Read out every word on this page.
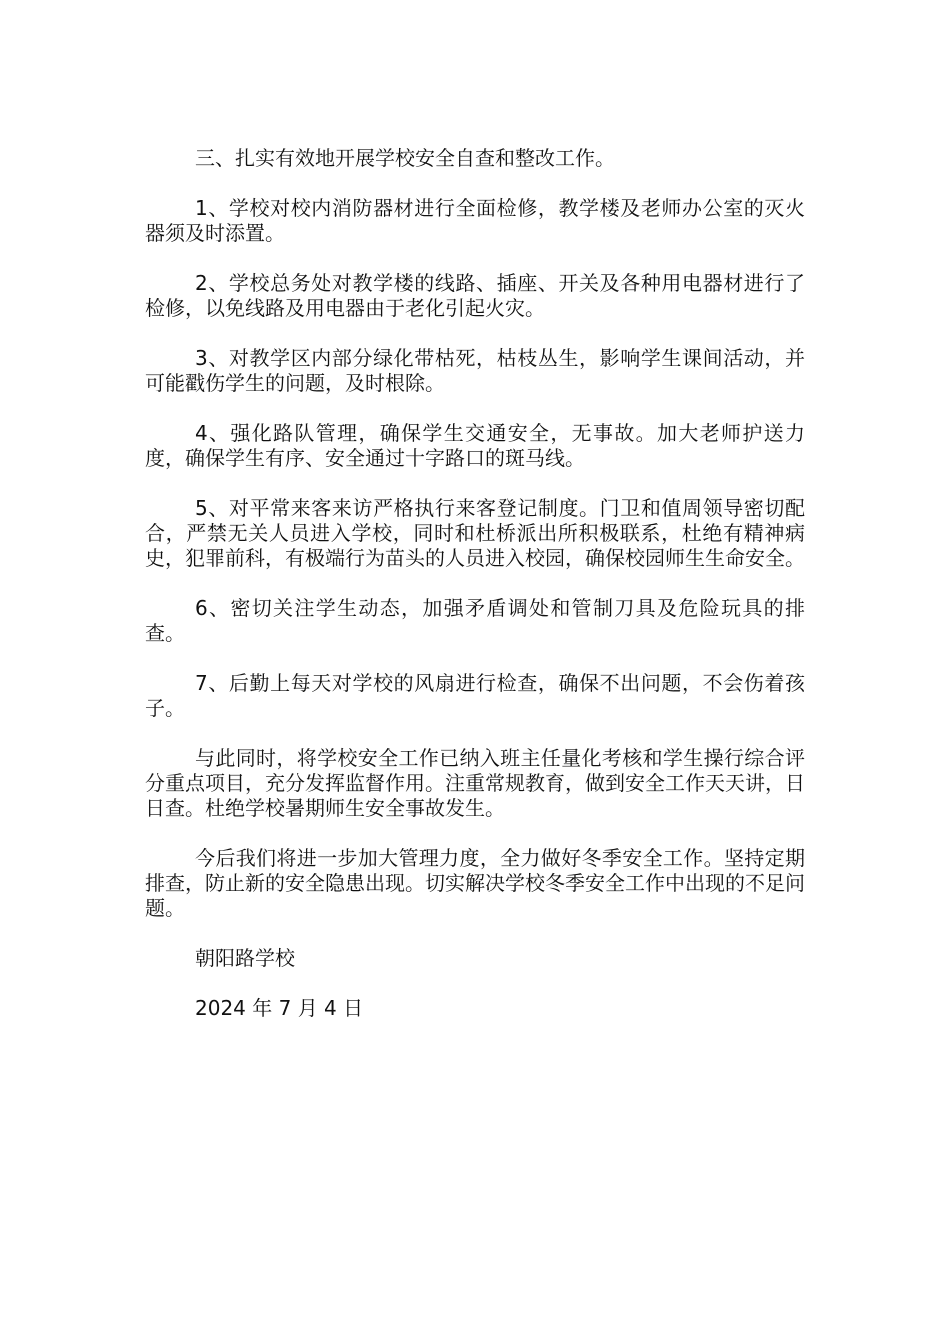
三、扎实有效地开展学校安全自查和整改工作。

1、学校对校内消防器材进行全面检修，教学楼及老师办公室的灭火器须及时添置。

2、学校总务处对教学楼的线路、插座、开关及各种用电器材进行了检修，以免线路及用电器由于老化引起火灾。

3、对教学区内部分绿化带枯死，枯枝丛生，影响学生课间活动，并可能戳伤学生的问题，及时根除。

4、强化路队管理，确保学生交通安全，无事故。加大老师护送力度，确保学生有序、安全通过十字路口的斑马线。

5、对平常来客来访严格执行来客登记制度。门卫和值周领导密切配合，严禁无关人员进入学校，同时和杜桥派出所积极联系，杜绝有精神病史，犯罪前科，有极端行为苗头的人员进入校园，确保校园师生生命安全。

6、密切关注学生动态，加强矛盾调处和管制刀具及危险玩具的排查。

7、后勤上每天对学校的风扇进行检查，确保不出问题，不会伤着孩子。

与此同时，将学校安全工作已纳入班主任量化考核和学生操行综合评分重点项目，充分发挥监督作用。注重常规教育，做到安全工作天天讲，日日查。杜绝学校暑期师生安全事故发生。

今后我们将进一步加大管理力度，全力做好冬季安全工作。坚持定期排查，防止新的安全隐患出现。切实解决学校冬季安全工作中出现的不足问题。

朝阳路学校

2024 年 7 月 4 日
